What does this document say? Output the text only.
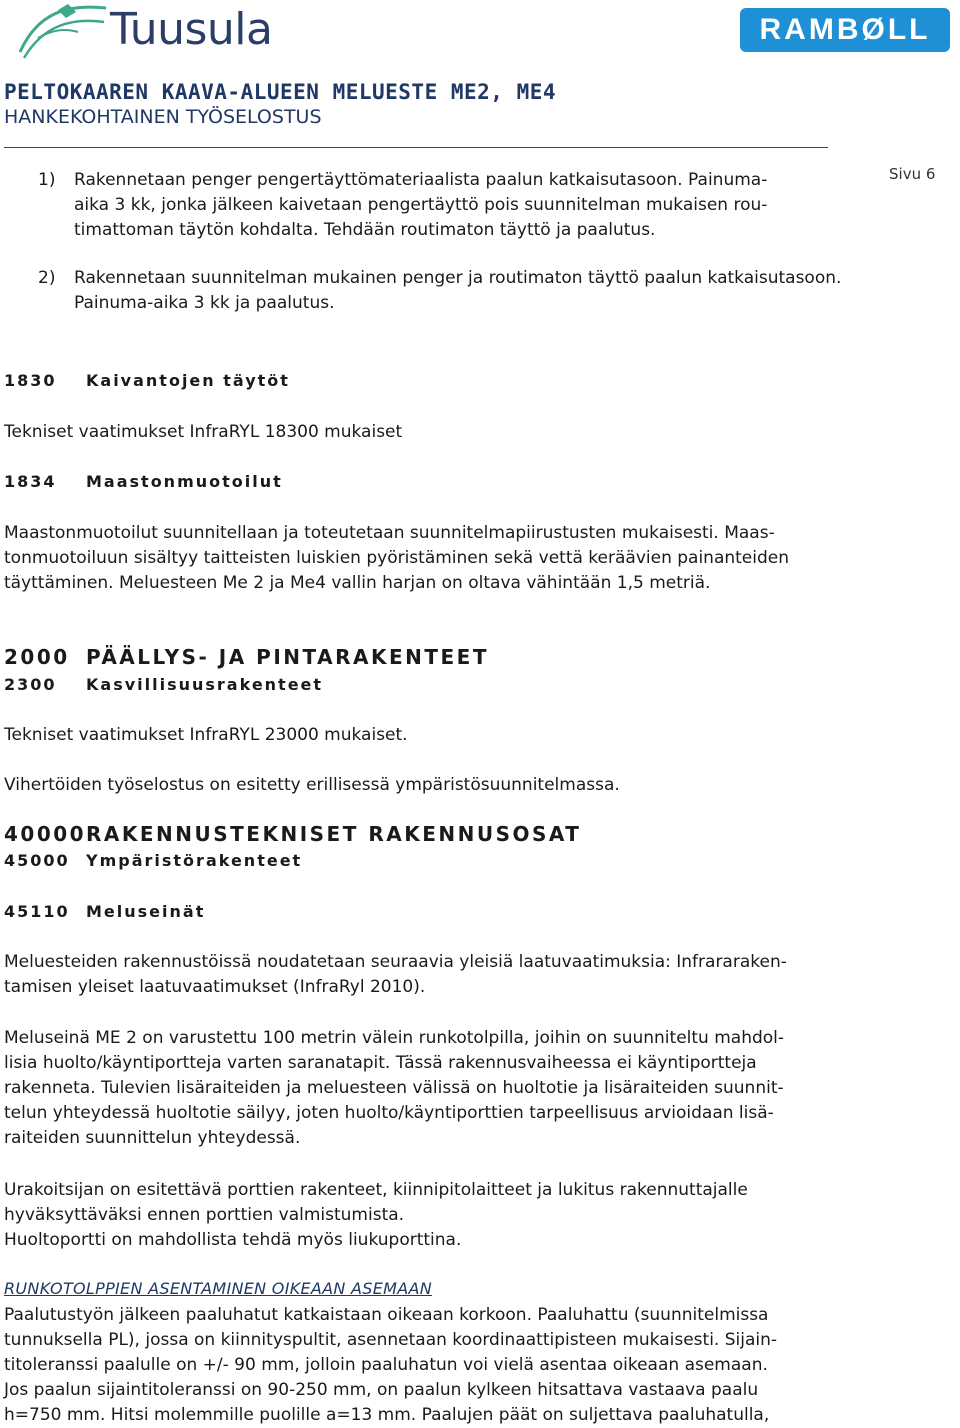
Tuusula	RAMBØLL
PELTOKAAREN KAAVA-ALUEEN MELUESTE ME2, ME4
HANKEKOHTAINEN TYÖSELOSTUS
Sivu 6
1) Rakennetaan penger pengertäyttömateriaalista paalun katkaisutasoon. Painuma-
aika 3 kk, jonka jälkeen kaivetaan pengertäyttö pois suunnitelman mukaisen rou-
timattoman täytön kohdalta. Tehdään routimaton täyttö ja paalutus.
2) Rakennetaan suunnitelman mukainen penger ja routimaton täyttö paalun katkaisutasoon.
Painuma-aika 3 kk ja paalutus.
1830 Kaivantojen täytöt
Tekniset vaatimukset InfraRYL 18300 mukaiset
1834 Maastonmuotoilut
Maastonmuotoilut suunnitellaan ja toteutetaan suunnitelmapiirustusten mukaisesti. Maas-
tonmuotoiluun sisältyy taitteisten luiskien pyöristäminen sekä vettä keräävien painanteiden
täyttäminen. Meluesteen Me 2 ja Me4 vallin harjan on oltava vähintään 1,5 metriä.
2000 PÄÄLLYS- JA PINTARAKENTEET
2300 Kasvillisuusrakenteet
Tekniset vaatimukset InfraRYL 23000 mukaiset.
Vihertöiden työselostus on esitetty erillisessä ympäristösuunnitelmassa.
40000 RAKENNUSTEKNISET RAKENNUSOSAT
45000 Ympäristörakenteet
45110 Meluseinät
Meluesteiden rakennustöissä noudatetaan seuraavia yleisiä laatuvaatimuksia: Infrararaken-
tamisen yleiset laatuvaatimukset (InfraRyl 2010).
Meluseinä ME 2 on varustettu 100 metrin välein runkotolpilla, joihin on suunniteltu mahdol-
lisia huolto/käyntiportteja varten saranatapit. Tässä rakennusvaiheessa ei käyntiportteja
rakenneta. Tulevien lisäraiteiden ja meluesteen välissä on huoltotie ja lisäraiteiden suunnit-
telun yhteydessä huoltotie säilyy, joten huolto/käyntiporttien tarpeellisuus arvioidaan lisä-
raiteiden suunnittelun yhteydessä.
Urakoitsijan on esitettävä porttien rakenteet, kiinnipitolaitteet ja lukitus rakennuttajalle
hyväksyttäväksi ennen porttien valmistumista.
Huoltoportti on mahdollista tehdä myös liukuporttina.
RUNKOTOLPPIEN ASENTAMINEN OIKEAAN ASEMAAN
Paalutustyön jälkeen paaluhatut katkaistaan oikeaan korkoon. Paaluhattu (suunnitelmissa
tunnuksella PL), jossa on kiinnityspultit, asennetaan koordinaattipisteen mukaisesti. Sijain-
titoleranssi paalulle on +/- 90 mm, jolloin paaluhatun voi vielä asentaa oikeaan asemaan.
Jos paalun sijaintitoleranssi on 90-250 mm, on paalun kylkeen hitsattava vastaava paalu
h=750 mm. Hitsi molemmille puolille a=13 mm. Paalujen päät on suljettava paaluhatulla,
